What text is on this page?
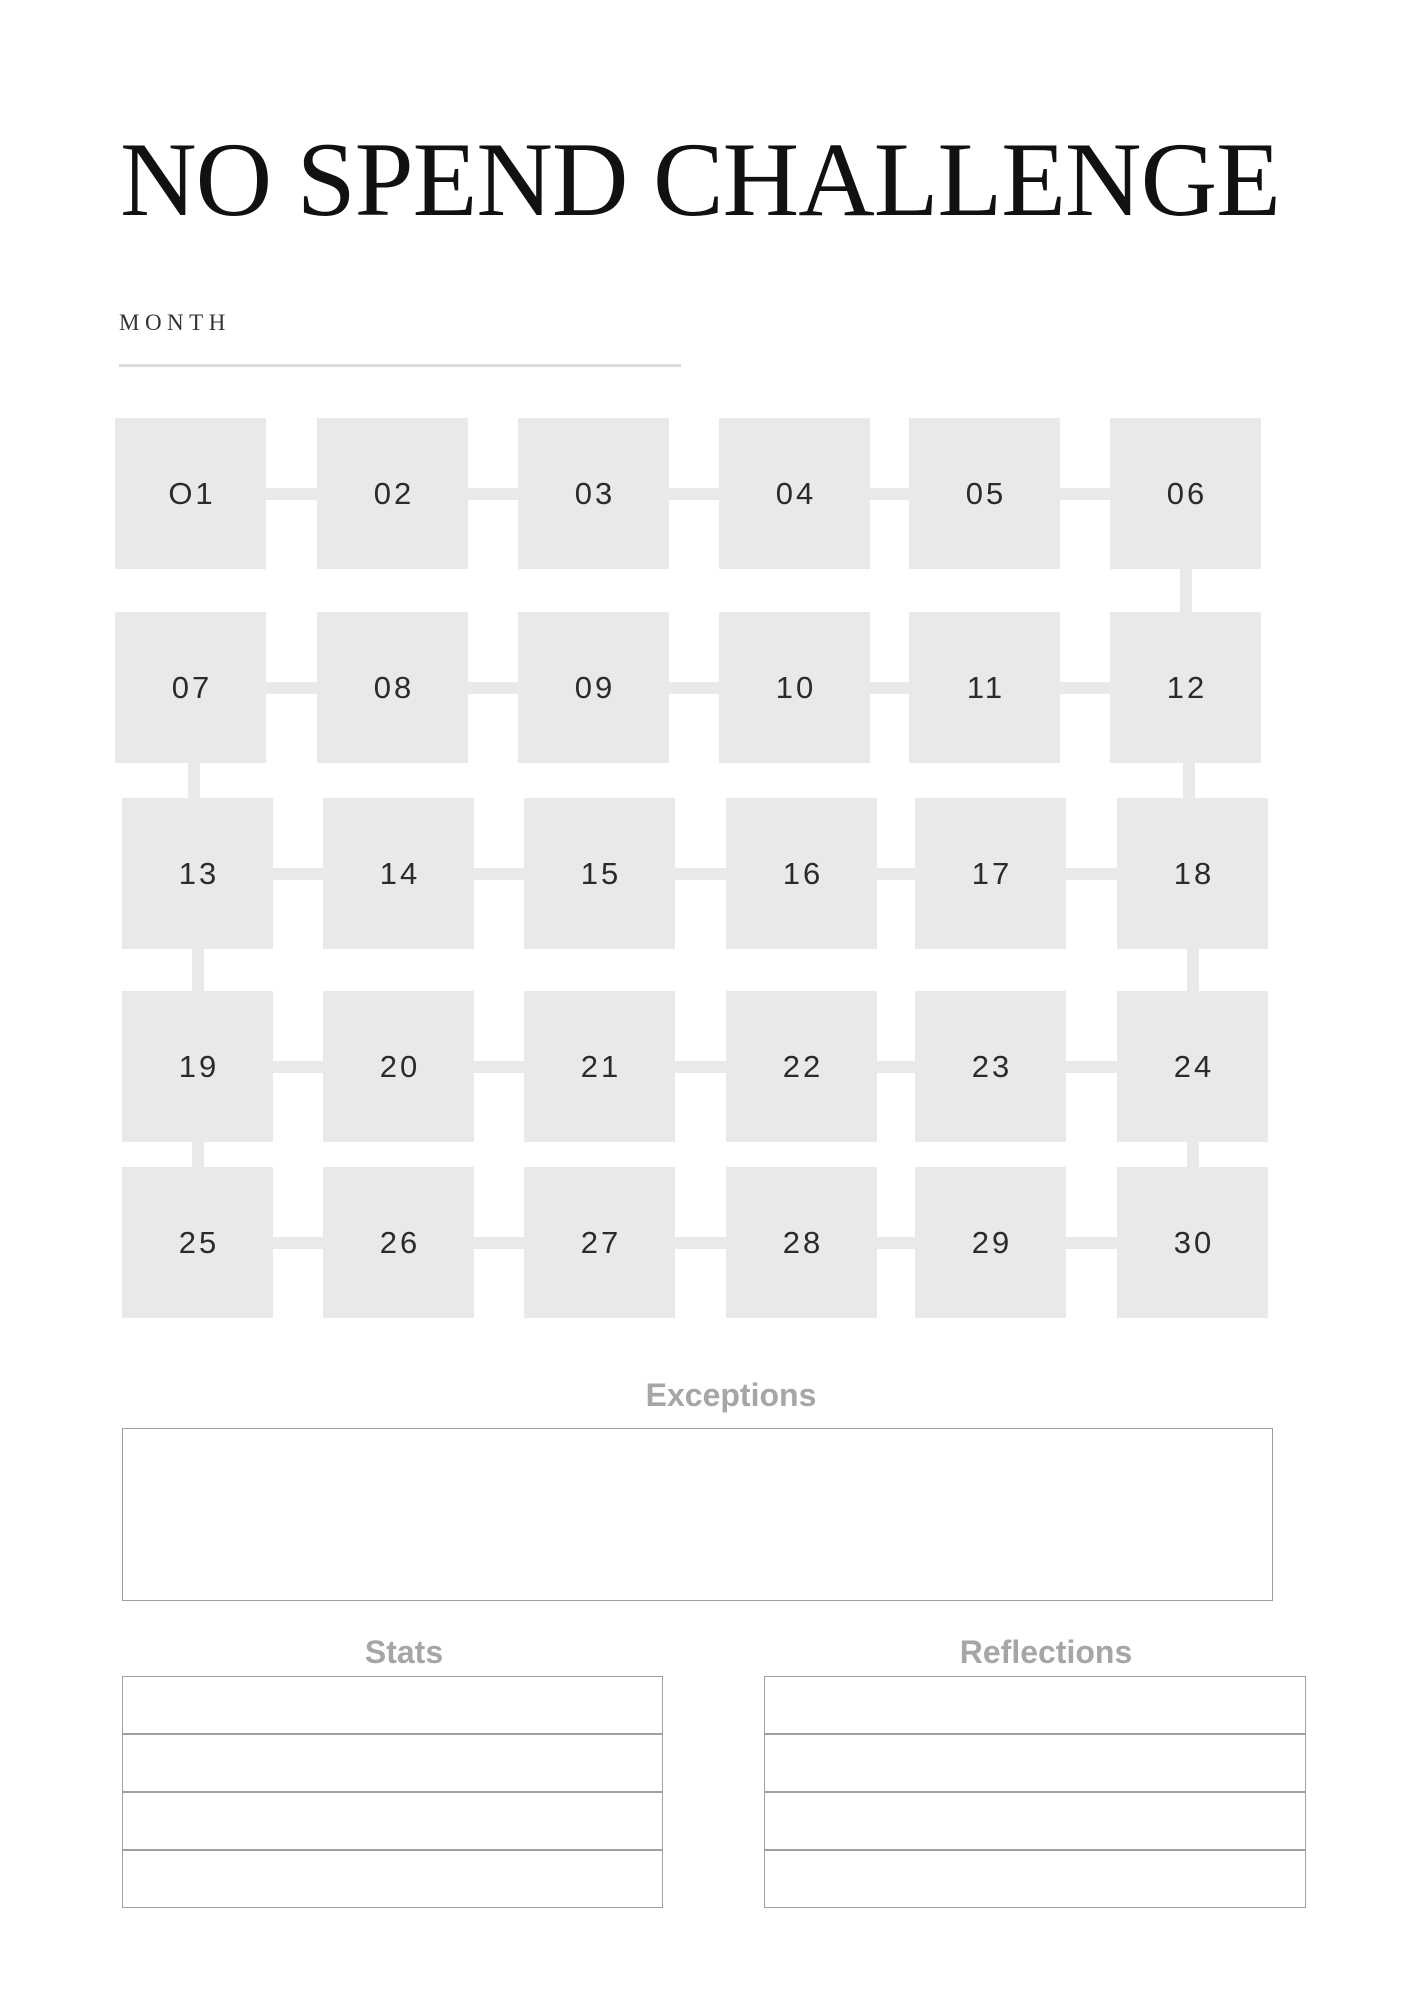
NO SPEND CHALLENGE
MONTH
O1	02	03	04	05	06
07	08	09	10	11	12
13	14	15	16	17	18
19	20	21	22	23	24
25	26	27	28	29	30
Exceptions
Stats	Reflections
